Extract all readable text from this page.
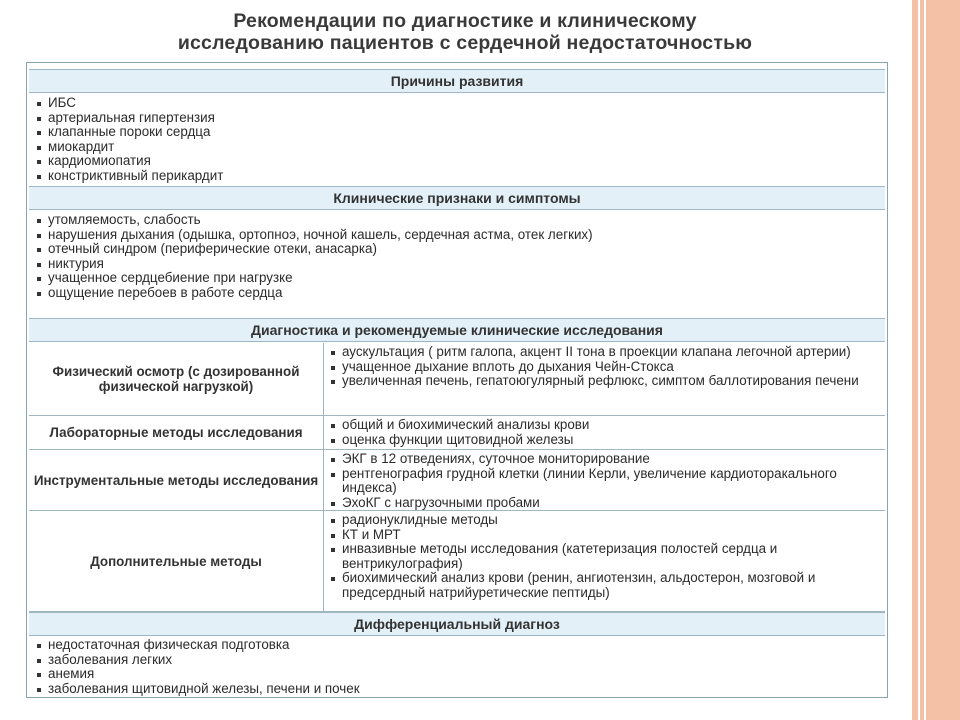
Рекомендации по диагностике и клиническому
исследованию пациентов с сердечной недостаточностью
Причины развития
ИБС
артериальная гипертензия
клапанные пороки сердца
миокардит
кардиомиопатия
констриктивный перикардит
Клинические признаки и симптомы
утомляемость, слабость
нарушения дыхания (одышка, ортопноэ, ночной кашель, сердечная астма, отек легких)
отечный синдром (периферические отеки, анасарка)
никтурия
учащенное сердцебиение при нагрузке
ощущение перебоев в работе сердца
Диагностика и рекомендуемые клинические исследования
Физический осмотр (с дозированной физической нагрузкой)
аускультация ( ритм галопа, акцент II тона в проекции клапана легочной артерии)
учащенное дыхание вплоть до дыхания Чейн-Стокса
увеличенная печень, гепатоюгулярный рефлюкс, симптом баллотирования печени
Лабораторные методы исследования
общий и биохимический анализы крови
оценка функции щитовидной железы
Инструментальные методы исследования
ЭКГ в 12 отведениях, суточное мониторирование
рентгенография грудной клетки (линии Керли, увеличение кардиоторакального индекса)
ЭхоКГ с нагрузочными пробами
Дополнительные методы
радионуклидные методы
КТ и МРТ
инвазивные методы исследования (катетеризация полостей сердца и вентрикулография)
биохимический анализ крови (ренин, ангиотензин, альдостерон, мозговой и предсердный натрийуретические пептиды)
Дифференциальный диагноз
недостаточная физическая подготовка
заболевания легких
анемия
заболевания щитовидной железы, печени и почек
